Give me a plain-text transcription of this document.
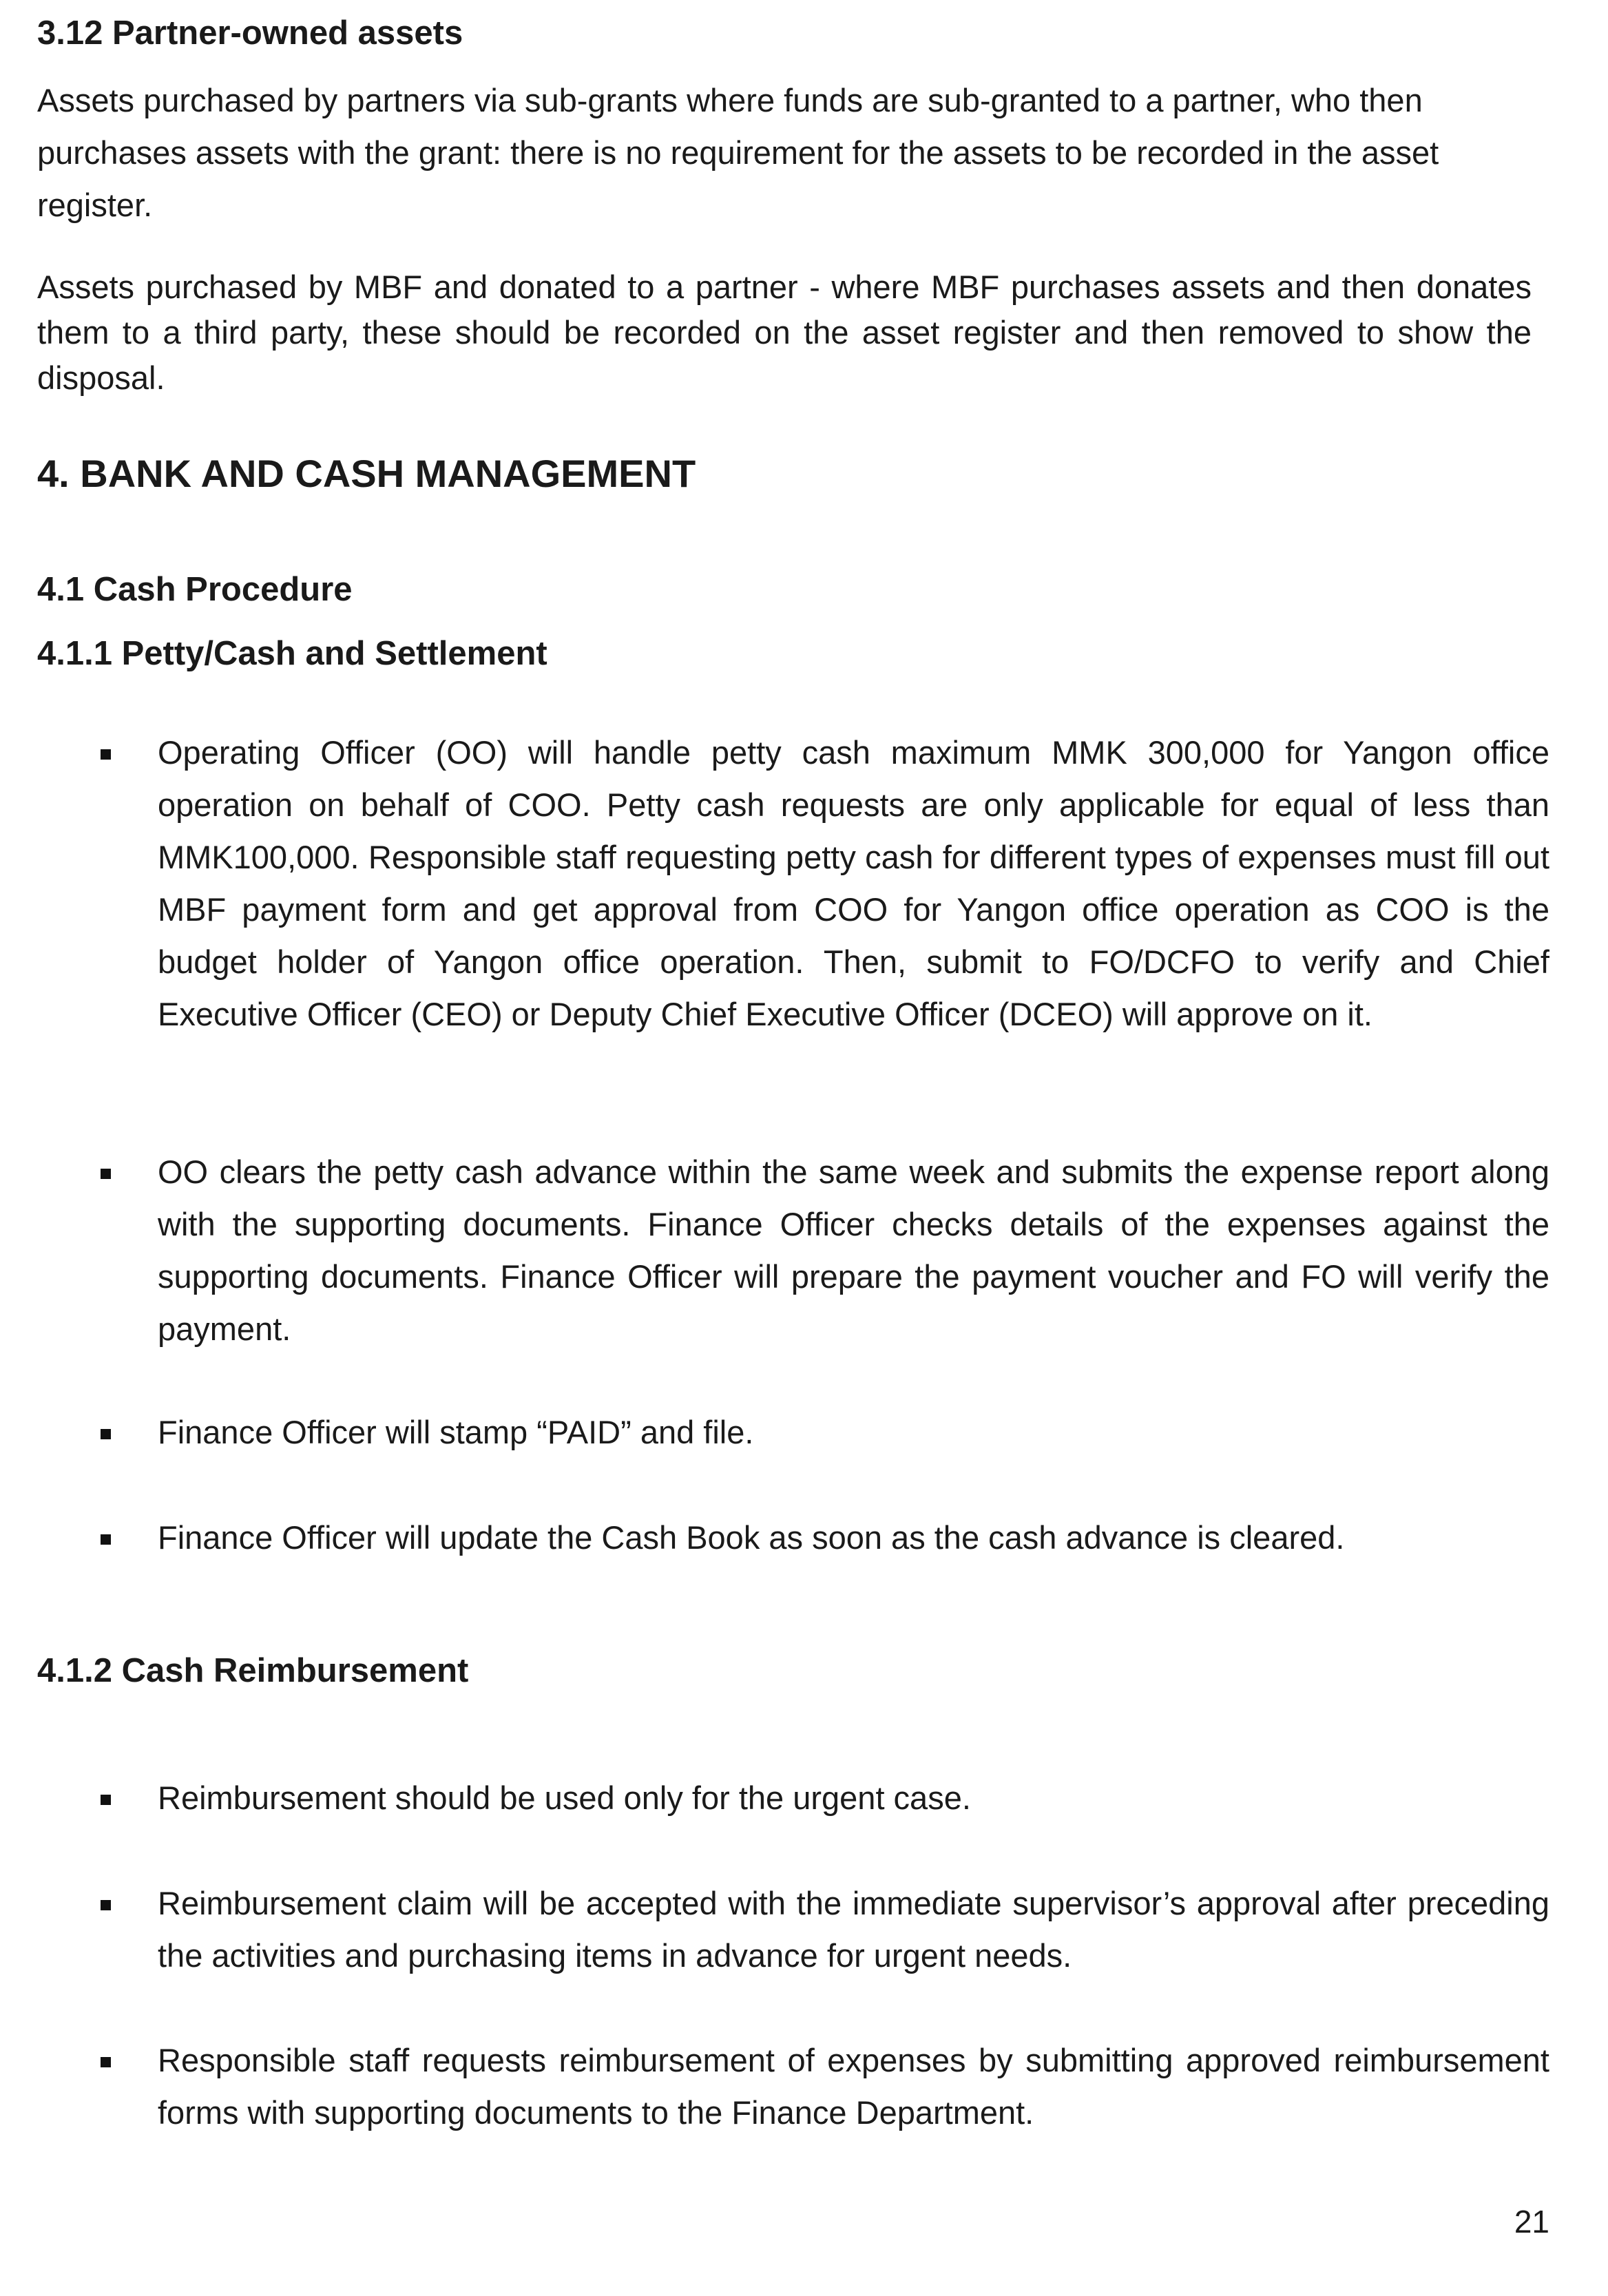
3.12 Partner-owned assets

Assets purchased by partners via sub-grants where funds are sub-granted to a partner, who then purchases assets with the grant: there is no requirement for the assets to be recorded in the asset register.

Assets purchased by MBF and donated to a partner - where MBF purchases assets and then donates them to a third party, these should be recorded on the asset register and then removed to show the disposal.

4. BANK AND CASH MANAGEMENT
4.1 Cash Procedure
4.1.1 Petty/Cash and Settlement

Operating Officer (OO) will handle petty cash maximum MMK 300,000 for Yangon office operation on behalf of COO. Petty cash requests are only applicable for equal of less than MMK100,000. Responsible staff requesting petty cash for different types of expenses must fill out MBF payment form and get approval from COO for Yangon office operation as COO is the budget holder of Yangon office operation. Then, submit to FO/DCFO to verify and Chief Executive Officer (CEO) or Deputy Chief Executive Officer (DCEO) will approve on it.

OO clears the petty cash advance within the same week and submits the expense report along with the supporting documents. Finance Officer checks details of the expenses against the supporting documents. Finance Officer will prepare the payment voucher and FO will verify the payment.

Finance Officer will stamp “PAID” and file.

Finance Officer will update the Cash Book as soon as the cash advance is cleared.

4.1.2 Cash Reimbursement

Reimbursement should be used only for the urgent case.

Reimbursement claim will be accepted with the immediate supervisor’s approval after preceding the activities and purchasing items in advance for urgent needs.

Responsible staff requests reimbursement of expenses by submitting approved reimbursement forms with supporting documents to the Finance Department.

21
